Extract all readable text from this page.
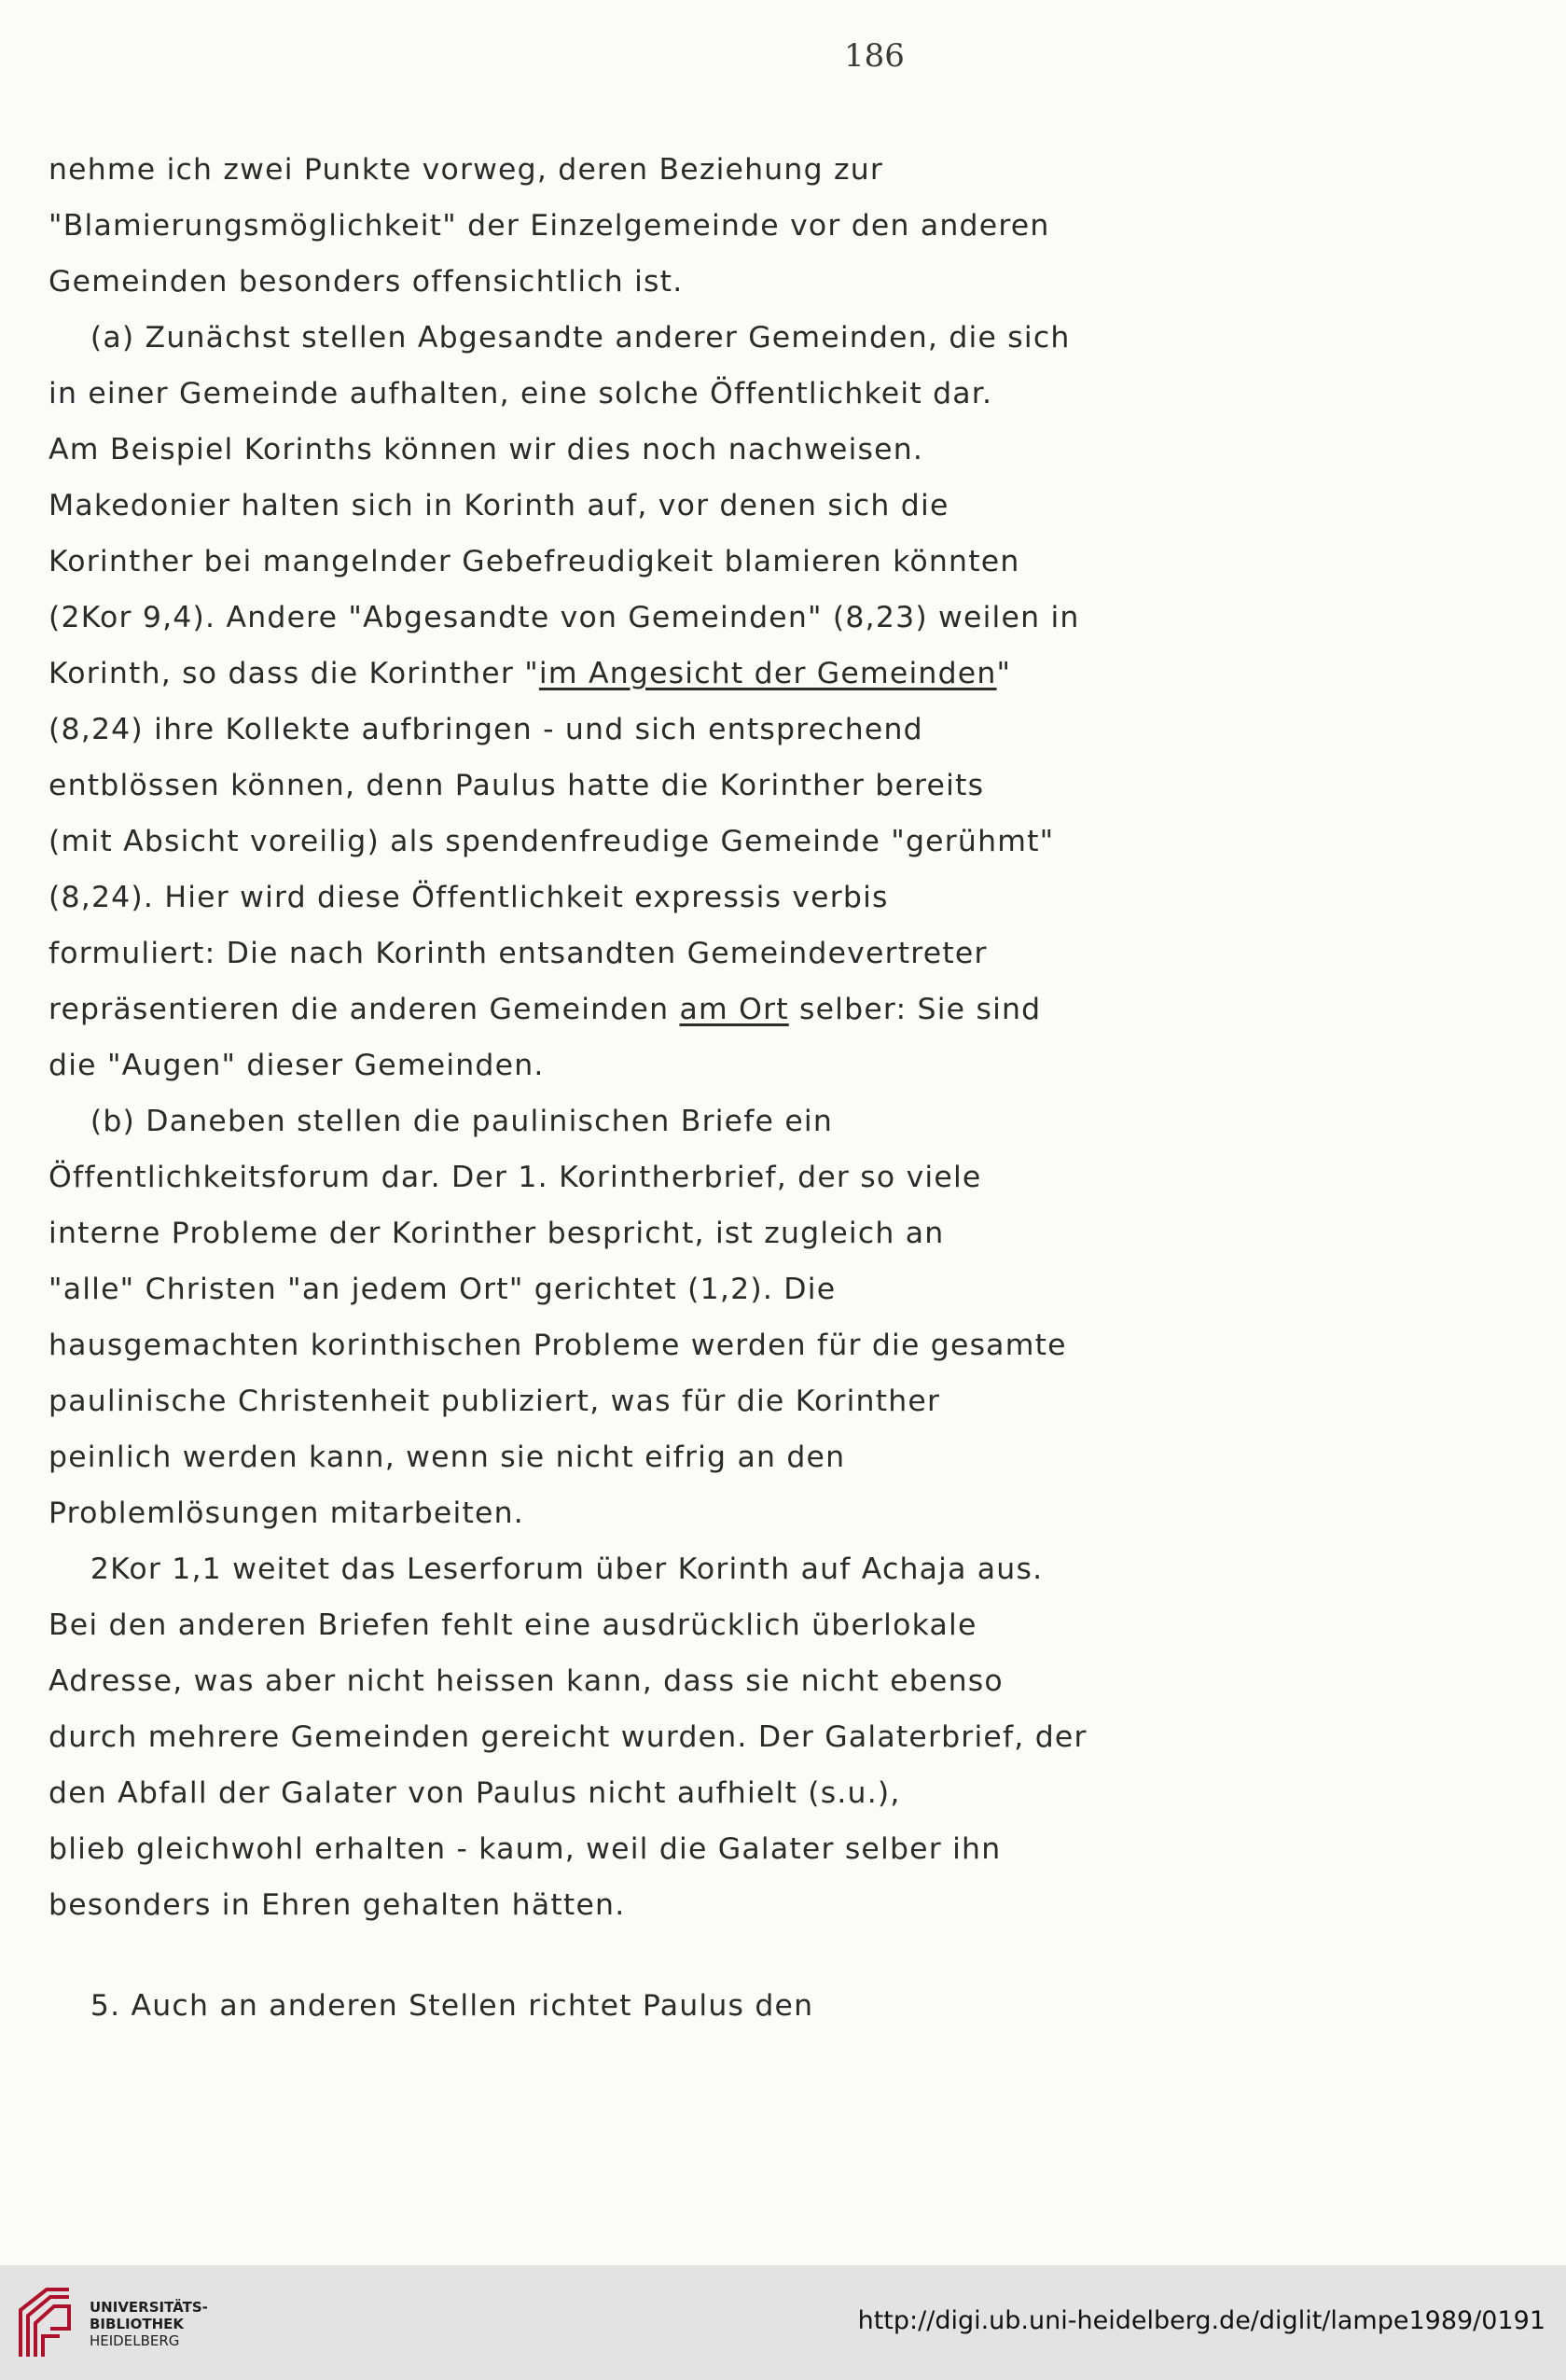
186
nehme ich zwei Punkte vorweg, deren Beziehung zur
"Blamierungsmöglichkeit" der Einzelgemeinde vor den anderen
Gemeinden besonders offensichtlich ist.
(a) Zunächst stellen Abgesandte anderer Gemeinden, die sich
in einer Gemeinde aufhalten, eine solche Öffentlichkeit dar.
Am Beispiel Korinths können wir dies noch nachweisen.
Makedonier halten sich in Korinth auf, vor denen sich die
Korinther bei mangelnder Gebefreudigkeit blamieren könnten
(2Kor 9,4). Andere "Abgesandte von Gemeinden" (8,23) weilen in
Korinth, so dass die Korinther "im Angesicht der Gemeinden"
(8,24) ihre Kollekte aufbringen - und sich entsprechend
entblössen können, denn Paulus hatte die Korinther bereits
(mit Absicht voreilig) als spendenfreudige Gemeinde "gerühmt"
(8,24). Hier wird diese Öffentlichkeit expressis verbis
formuliert: Die nach Korinth entsandten Gemeindevertreter
repräsentieren die anderen Gemeinden am Ort selber: Sie sind
die "Augen" dieser Gemeinden.
(b) Daneben stellen die paulinischen Briefe ein
Öffentlichkeitsforum dar. Der 1. Korintherbrief, der so viele
interne Probleme der Korinther bespricht, ist zugleich an
"alle" Christen "an jedem Ort" gerichtet (1,2). Die
hausgemachten korinthischen Probleme werden für die gesamte
paulinische Christenheit publiziert, was für die Korinther
peinlich werden kann, wenn sie nicht eifrig an den
Problemlösungen mitarbeiten.
2Kor 1,1 weitet das Leserforum über Korinth auf Achaja aus.
Bei den anderen Briefen fehlt eine ausdrücklich überlokale
Adresse, was aber nicht heissen kann, dass sie nicht ebenso
durch mehrere Gemeinden gereicht wurden. Der Galaterbrief, der
den Abfall der Galater von Paulus nicht aufhielt (s.u.),
blieb gleichwohl erhalten - kaum, weil die Galater selber ihn
besonders in Ehren gehalten hätten.
5. Auch an anderen Stellen richtet Paulus den
UNIVERSITÄTS-
BIBLIOTHEK
HEIDELBERG
http://digi.ub.uni-heidelberg.de/diglit/lampe1989/0191
